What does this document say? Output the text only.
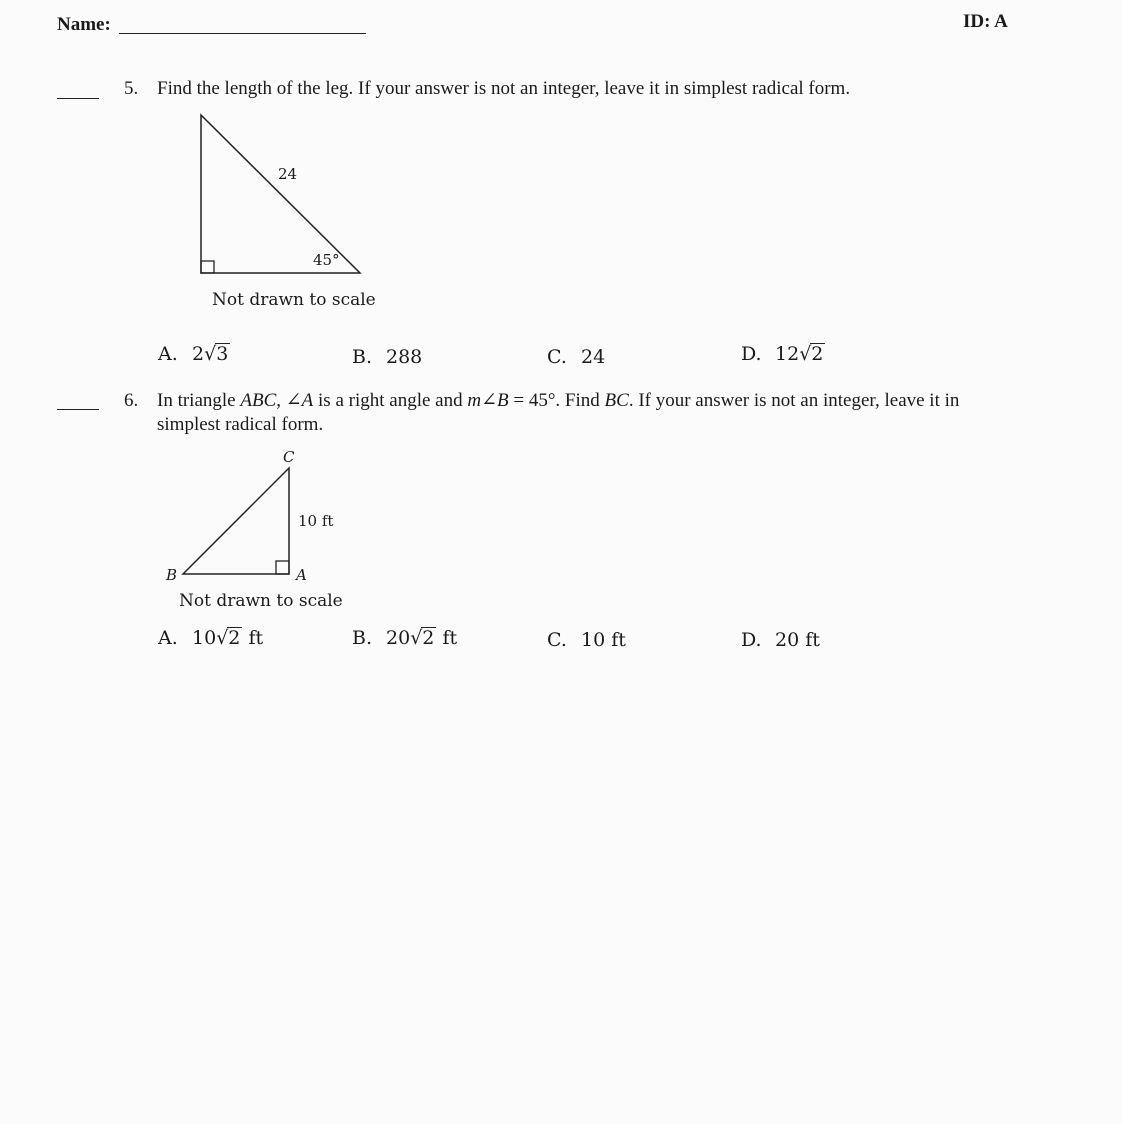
Name:	ID: A
5. Find the length of the leg. If your answer is not an integer, leave it in simplest radical form.
24
45°
Not drawn to scale
A. 2 √ 3	B. 288	C. 24	D. 12 √ 2
6. In triangle ABC, ∠A is a right angle and m∠B = 45°. Find BC. If your answer is not an integer, leave it in
simplest radical form.
C
B	A
10 ft
Not drawn to scale
A. 10 √ 2 ft	B. 20 √ 2 ft	C. 10 ft	D. 20 ft
